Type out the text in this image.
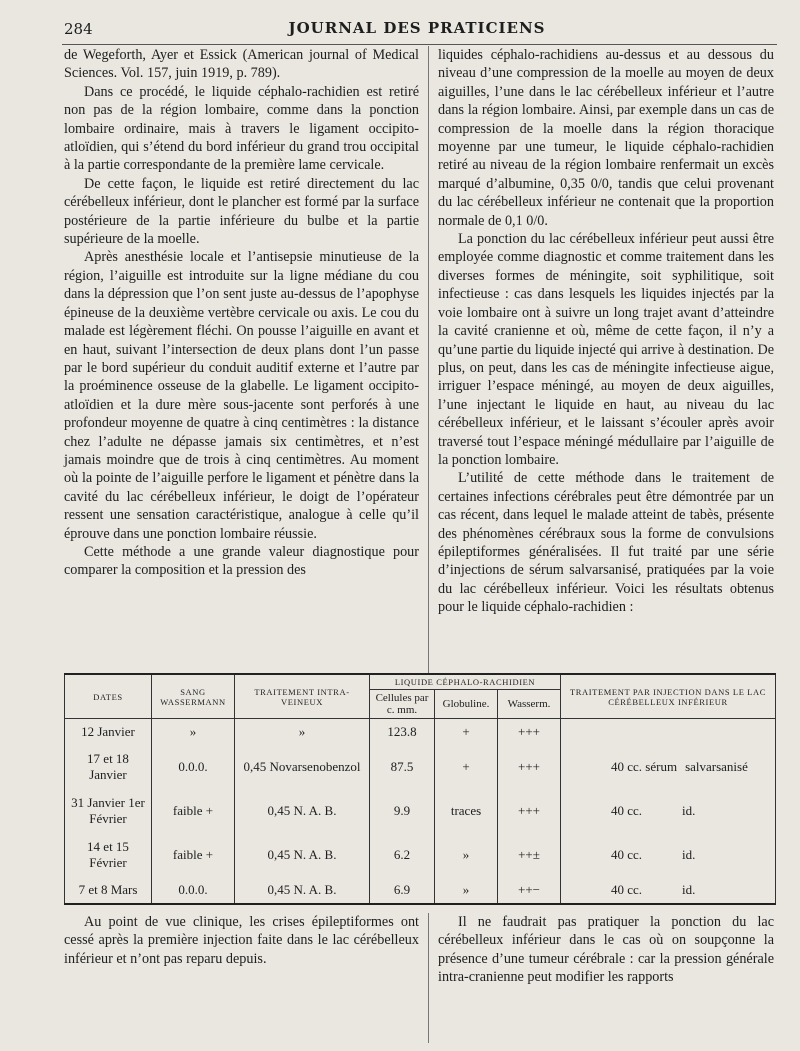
284	JOURNAL DES PRATICIENS

de Wegeforth, Ayer et Essick (American journal of Medical Sciences. Vol. 157, juin 1919, p. 789).

Dans ce procédé, le liquide céphalo-rachidien est retiré non pas de la région lombaire, comme dans la ponction lombaire ordinaire, mais à travers le ligament occipito-atloïdien, qui s’étend du bord inférieur du grand trou occipital à la partie correspondante de la première lame cervicale.

De cette façon, le liquide est retiré directement du lac cérébelleux inférieur, dont le plancher est formé par la surface postérieure de la partie inférieure du bulbe et la partie supérieure de la moelle.

Après anesthésie locale et l’antisepsie minutieuse de la région, l’aiguille est introduite sur la ligne médiane du cou dans la dépression que l’on sent juste au-dessus de l’apophyse épineuse de la deuxième vertèbre cervicale ou axis. Le cou du malade est légèrement fléchi. On pousse l’aiguille en avant et en haut, suivant l’intersection de deux plans dont l’un passe par le bord supérieur du conduit auditif externe et l’autre par la proéminence osseuse de la glabelle. Le ligament occipito-atloïdien et la dure mère sous-jacente sont perforés à une profondeur moyenne de quatre à cinq centimètres : la distance chez l’adulte ne dépasse jamais six centimètres, et n’est jamais moindre que de trois à cinq centimètres. Au moment où la pointe de l’aiguille perfore le ligament et pénètre dans la cavité du lac cérébelleux inférieur, le doigt de l’opérateur ressent une sensation caractéristique, analogue à celle qu’il éprouve dans une ponction lombaire réussie.

Cette méthode a une grande valeur diagnostique pour comparer la composition et la pression des

liquides céphalo-rachidiens au-dessus et au dessous du niveau d’une compression de la moelle au moyen de deux aiguilles, l’une dans le lac cérébelleux inférieur et l’autre dans la région lombaire. Ainsi, par exemple dans un cas de compression de la moelle dans la région thoracique moyenne par une tumeur, le liquide céphalo-rachidien retiré au niveau de la région lombaire renfermait un excès marqué d’albumine, 0,35 0/0, tandis que celui provenant du lac cérébelleux inférieur ne contenait que la proportion normale de 0,1 0/0.

La ponction du lac cérébelleux inférieur peut aussi être employée comme diagnostic et comme traitement dans les diverses formes de méningite, soit syphilitique, soit infectieuse : cas dans lesquels les liquides injectés par la voie lombaire ont à suivre un long trajet avant d’atteindre la cavité cranienne et où, même de cette façon, il n’y a qu’une partie du liquide injecté qui arrive à destination. De plus, on peut, dans les cas de méningite infectieuse aigue, irriguer l’espace méningé, au moyen de deux aiguilles, l’une injectant le liquide en haut, au niveau du lac cérébelleux inférieur, et le laissant s’écouler après avoir traversé tout l’espace méningé médullaire par l’aiguille de la ponction lombaire.

L’utilité de cette méthode dans le traitement de certaines infections cérébrales peut être démontrée par un cas récent, dans lequel le malade atteint de tabès, présente des phénomènes cérébraux sous la forme de convulsions épileptiformes généralisées. Il fut traité par une série d’injections de sérum salvarsanisé, pratiquées par la voie du lac cérébelleux inférieur. Voici les résultats obtenus pour le liquide céphalo-rachidien :

DATES	SANG WASSERMANN	TRAITEMENT INTRA-VEINEUX	LIQUIDE CÉPHALO-RACHIDIEN			TRAITEMENT PAR INJECTION DANS LE LAC CÉRÉBELLEUX INFÉRIEUR
			Cellules par c. mm.	Globuline.	Wasserm.	
12 Janvier	»	»	123.8	+	+++	
17 et 18 Janvier	0.0.0.	0,45 Novarsenobenzol	87.5	+	+++	40 cc. sérum salvarsanisé
31 Janvier 1er Février	faible +	0,45 N. A. B.	9.9	traces	+++	40 cc. id.
14 et 15 Février	faible +	0,45 N. A. B.	6.2	»	++±	40 cc. id.
7 et 8 Mars	0.0.0.	0,45 N. A. B.	6.9	»	++−	40 cc. id.

Au point de vue clinique, les crises épileptiformes ont cessé après la première injection faite dans le lac cérébelleux inférieur et n’ont pas reparu depuis.

Il ne faudrait pas pratiquer la ponction du lac cérébelleux inférieur dans le cas où on soupçonne la présence d’une tumeur cérébrale : car la pression générale intra-cranienne peut modifier les rapports
